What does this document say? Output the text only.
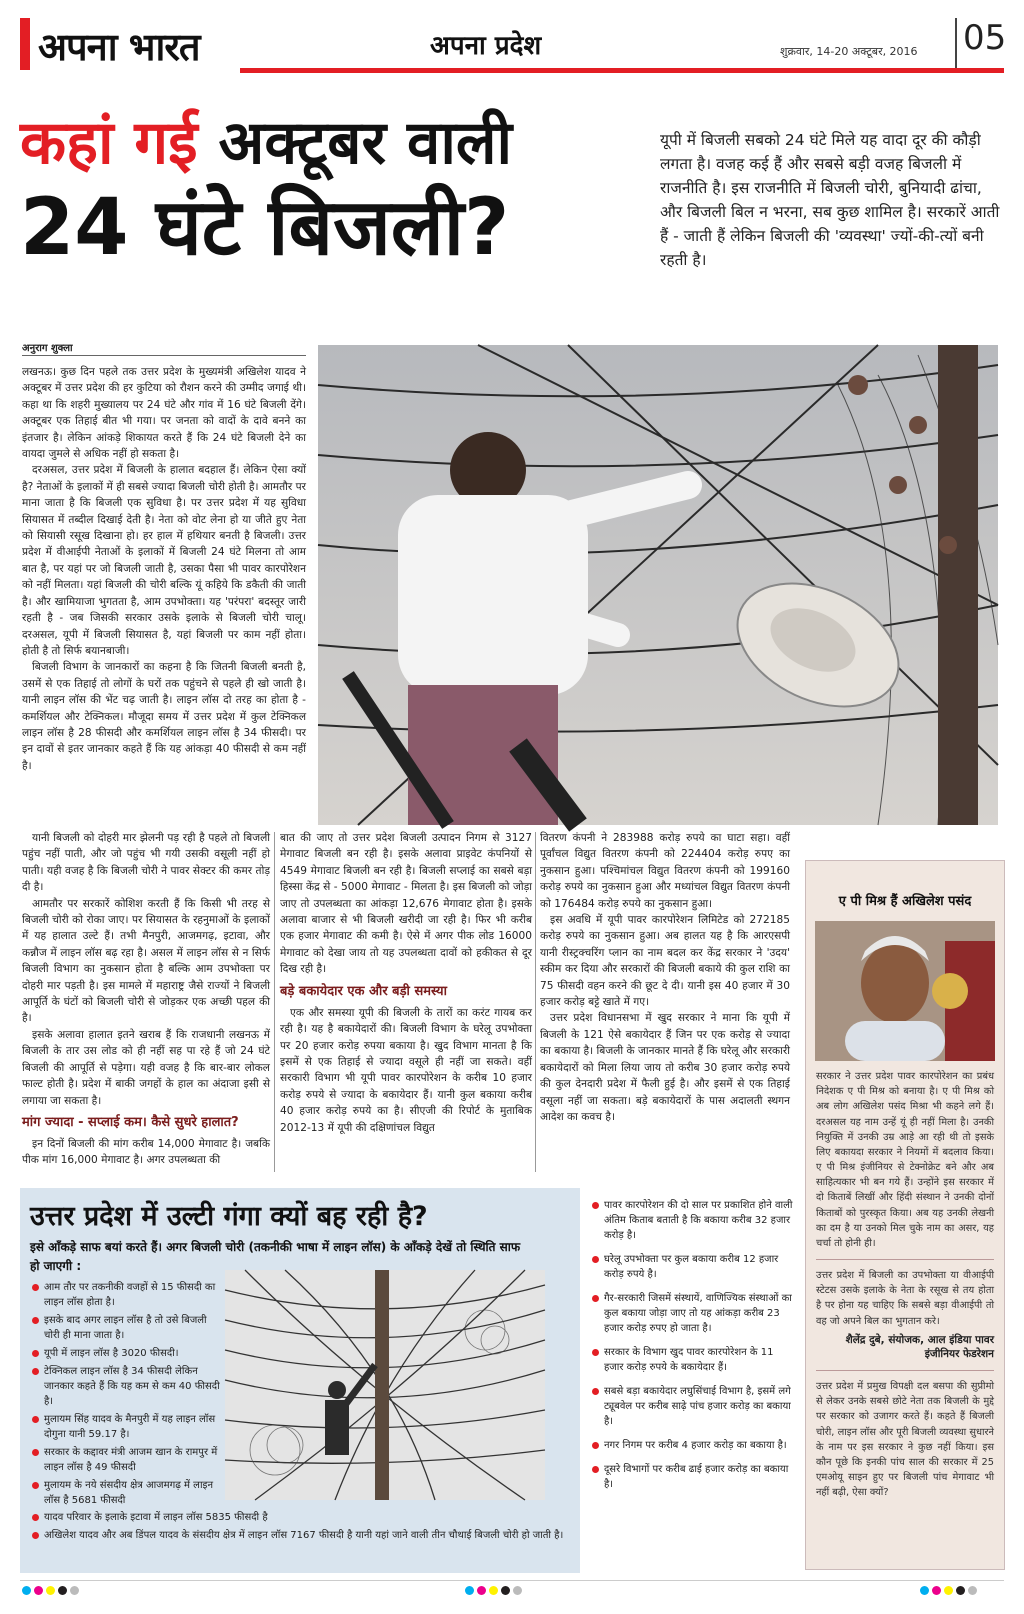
अपना भारत	अपना प्रदेश	शुक्रवार, 14-20 अक्टूबर, 2016 05
कहां गई अक्टूबर वाली
24 घंटे बिजली?
यूपी में बिजली सबको 24 घंटे मिले यह वादा दूर की कौड़ी लगता है। वजह कई हैं और सबसे बड़ी वजह बिजली में राजनीति है। इस राजनीति में बिजली चोरी, बुनियादी ढांचा, और बिजली बिल न भरना, सब कुछ शामिल है। सरकारें आती हैं - जाती हैं लेकिन बिजली की 'व्यवस्था' ज्यों-की-त्यों बनी रहती है।
अनुराग शुक्ला

लखनऊ। कुछ दिन पहले तक उत्तर प्रदेश के मुख्यमंत्री अखिलेश यादव ने अक्टूबर में उत्तर प्रदेश की हर कुटिया को रौशन करने की उम्मीद जगाई थी। कहा था कि शहरी मुख्यालय पर 24 घंटे और गांव में 16 घंटे बिजली देंगे। अक्टूबर एक तिहाई बीत भी गया। पर जनता को वादों के दावे बनने का इंतजार है। लेकिन आंकड़े शिकायत करते हैं कि 24 घंटे बिजली देने का वायदा जुमले से अधिक नहीं हो सकता है।

दरअसल, उत्तर प्रदेश में बिजली के हालात बदहाल हैं। लेकिन ऐसा क्यों है? नेताओं के इलाकों में ही सबसे ज्यादा बिजली चोरी होती है। आमतौर पर माना जाता है कि बिजली एक सुविधा है। पर उत्तर प्रदेश में यह सुविधा सियासत में तब्दील दिखाई देती है। नेता को वोट लेना हो या जीते हुए नेता को सियासी रसूख दिखाना हो। हर हाल में हथियार बनती है बिजली। उत्तर प्रदेश में वीआईपी नेताओं के इलाकों में बिजली 24 घंटे मिलना तो आम बात है, पर यहां पर जो बिजली जाती है, उसका पैसा भी पावर कारपोरेशन को नहीं मिलता। यहां बिजली की चोरी बल्कि यूं कहिये कि डकैती की जाती है। और खामियाजा भुगतता है, आम उपभोक्ता। यह 'परंपरा' बदस्तूर जारी रहती है - जब जिसकी सरकार उसके इलाके से बिजली चोरी चालू। दरअसल, यूपी में बिजली सियासत है, यहां बिजली पर काम नहीं होता। होती है तो सिर्फ बयानबाजी।

बिजली विभाग के जानकारों का कहना है कि जितनी बिजली बनती है, उसमें से एक तिहाई तो लोगों के घरों तक पहुंचने से पहले ही खो जाती है। यानी लाइन लॉस की भेंट चढ़ जाती है। लाइन लॉस दो तरह का होता है - कमर्शियल और टेक्निकल। मौजूदा समय में उत्तर प्रदेश में कुल टेक्निकल लाइन लॉस है 28 फीसदी और कमर्शियल लाइन लॉस है 34 फीसदी। पर इन दावों से इतर जानकार कहते हैं कि यह आंकड़ा 40 फीसदी से कम नहीं है।

यानी बिजली को दोहरी मार झेलनी पड़ रही है पहले तो बिजली पहुंच नहीं पाती, और जो पहुंच भी गयी उसकी वसूली नहीं हो पाती। यही वजह है कि बिजली चोरी ने पावर सेक्टर की कमर तोड़ दी है।

आमतौर पर सरकारें कोशिश करती हैं कि किसी भी तरह से बिजली चोरी को रोका जाए। पर सियासत के रहनुमाओं के इलाकों में यह हालात उल्टे हैं। तभी मैनपुरी, आजमगढ़, इटावा, और कन्नौज में लाइन लॉस बढ़ रहा है। असल में लाइन लॉस से न सिर्फ बिजली विभाग का नुकसान होता है बल्कि आम उपभोक्ता पर दोहरी मार पड़ती है। इस मामले में महाराष्ट्र जैसे राज्यों ने बिजली आपूर्ति के घंटों को बिजली चोरी से जोड़कर एक अच्छी पहल की है।

इसके अलावा हालात इतने खराब हैं कि राजधानी लखनऊ में बिजली के तार उस लोड को ही नहीं सह पा रहे हैं जो 24 घंटे बिजली की आपूर्ति से पड़ेगा। यही वजह है कि बार-बार लोकल फाल्ट होती है। प्रदेश में बाकी जगहों के हाल का अंदाजा इसी से लगाया जा सकता है।

मांग ज्यादा - सप्लाई कम। कैसे सुधरे हालात?

इन दिनों बिजली की मांग करीब 14,000 मेगावाट है। जबकि पीक मांग 16,000 मेगावाट है। अगर उपलब्धता की

बात की जाए तो उत्तर प्रदेश बिजली उत्पादन निगम से 3127 मेगावाट बिजली बन रही है। इसके अलावा प्राइवेट कंपनियों से 4549 मेगावाट बिजली बन रही है। बिजली सप्लाई का सबसे बड़ा हिस्सा केंद्र से - 5000 मेगावाट - मिलता है। इस बिजली को जोड़ा जाए तो उपलब्धता का आंकड़ा 12,676 मेगावाट होता है। इसके अलावा बाजार से भी बिजली खरीदी जा रही है। फिर भी करीब एक हजार मेगावाट की कमी है। ऐसे में अगर पीक लोड 16000 मेगावाट को देखा जाय तो यह उपलब्धता दावों को हकीकत से दूर दिख रही है।

बड़े बकायेदार एक और बड़ी समस्या

एक और समस्या यूपी की बिजली के तारों का करंट गायब कर रही है। यह है बकायेदारों की। बिजली विभाग के घरेलू उपभोक्ता पर 20 हजार करोड़ रुपया बकाया है। खुद विभाग मानता है कि इसमें से एक तिहाई से ज्यादा वसूले ही नहीं जा सकते। वहीं सरकारी विभाग भी यूपी पावर कारपोरेशन के करीब 10 हजार करोड़ रुपये से ज्यादा के बकायेदार हैं। यानी कुल बकाया करीब 40 हजार करोड़ रुपये का है। सीएजी की रिपोर्ट के मुताबिक 2012-13 में यूपी की दक्षिणांचल विद्युत

वितरण कंपनी ने 283988 करोड़ रुपये का घाटा सहा। वहीं पूर्वांचल विद्युत वितरण कंपनी को 224404 करोड़ रुपए का नुकसान हुआ। पश्चिमांचल विद्युत वितरण कंपनी को 199160 करोड़ रुपये का नुकसान हुआ और मध्यांचल विद्युत वितरण कंपनी को 176484 करोड़ रुपये का नुकसान हुआ।

इस अवधि में यूपी पावर कारपोरेशन लिमिटेड को 272185 करोड़ रुपये का नुकसान हुआ। अब हालत यह है कि आरएसपी यानी रीस्ट्रक्चरिंग प्लान का नाम बदल कर केंद्र सरकार ने 'उदय' स्कीम कर दिया और सरकारों की बिजली बकाये की कुल राशि का 75 फीसदी वहन करने की छूट दे दी। यानी इस 40 हजार में 30 हजार करोड़ बट्टे खाते में गए।

उत्तर प्रदेश विधानसभा में खुद सरकार ने माना कि यूपी में बिजली के 121 ऐसे बकायेदार हैं जिन पर एक करोड़ से ज्यादा का बकाया है। बिजली के जानकार मानते हैं कि घरेलू और सरकारी बकायेदारों को मिला लिया जाय तो करीब 30 हजार करोड़ रुपये की कुल देनदारी प्रदेश में फैली हुई है। और इसमें से एक तिहाई वसूला नहीं जा सकता। बड़े बकायेदारों के पास अदालती स्थगन आदेश का कवच है।

ए पी मिश्र हैं अखिलेश पसंद
सरकार ने उत्तर प्रदेश पावर कारपोरेशन का प्रबंध निदेशक ए पी मिश्र को बनाया है। ए पी मिश्र को अब लोग अखिलेश पसंद मिश्रा भी कहने लगे हैं। दरअसल यह नाम उन्हें यूं ही नहीं मिला है। उनकी नियुक्ति में उनकी उम्र आड़े आ रही थी तो इसके लिए बकायदा सरकार ने नियमों में बदलाव किया। ए पी मिश्र इंजीनियर से टेक्नोक्रेट बने और अब साहित्यकार भी बन गये हैं। उन्होंने इस सरकार में दो किताबें लिखीं और हिंदी संस्थान ने उनकी दोनों किताबों को पुरस्कृत किया। अब यह उनकी लेखनी का दम है या उनको मिल चुके नाम का असर, यह चर्चा तो होनी ही।
उत्तर प्रदेश में बिजली का उपभोक्ता या वीआईपी स्टेटस उसके इलाके के नेता के रसूख से तय होता है पर होना यह चाहिए कि सबसे बड़ा वीआईपी तो वह जो अपने बिल का भुगतान करे।
शैलेंद्र दुबे, संयोजक, आल इंडिया पावर इंजीनियर फेडरेशन
उत्तर प्रदेश में प्रमुख विपक्षी दल बसपा की सुप्रीमो से लेकर उनके सबसे छोटे नेता तक बिजली के मुद्दे पर सरकार को उजागर करते हैं। कहते हैं बिजली चोरी, लाइन लॉस और पूरी बिजली व्यवस्था सुधारने के नाम पर इस सरकार ने कुछ नहीं किया। इस कौन पूछे कि इनकी पांच साल की सरकार में 25 एमओयू साइन हुए पर बिजली पांच मेगावाट भी नहीं बढ़ी, ऐसा क्यों?
उत्तर प्रदेश में उल्टी गंगा क्यों बह रही है?
इसे आँकड़े साफ बयां करते हैं। अगर बिजली चोरी (तकनीकी भाषा में लाइन लॉस) के आँकड़े देखें तो स्थिति साफ हो जाएगी :
आम तौर पर तकनीकी वजहों से 15 फीसदी का लाइन लॉस होता है।
इसके बाद अगर लाइन लॉस है तो उसे बिजली चोरी ही माना जाता है।
यूपी में लाइन लॉस है 3020 फीसदी।
टेक्निकल लाइन लॉस है 34 फीसदी लेकिन जानकार कहते हैं कि यह कम से कम 40 फीसदी है।
मुलायम सिंह यादव के मैनपुरी में यह लाइन लॉस दोगुना यानी 59.17 है।
सरकार के कद्दावर मंत्री आजम खान के रामपुर में लाइन लॉस है 49 फीसदी
मुलायम के नये संसदीय क्षेत्र आजमगढ़ में लाइन लॉस है 5681 फीसदी
यादव परिवार के इलाके इटावा में लाइन लॉस 5835 फीसदी है
अखिलेश यादव और अब डिंपल यादव के संसदीय क्षेत्र में लाइन लॉस 7167 फीसदी है यानी यहां जाने वाली तीन चौथाई बिजली चोरी हो जाती है।
पावर कारपोरेशन की दो साल पर प्रकाशित होने वाली अंतिम किताब बताती है कि बकाया करीब 32 हजार करोड़ है।
घरेलू उपभोक्ता पर कुल बकाया करीब 12 हजार करोड़ रुपये है।
गैर-सरकारी जिसमें संस्थायें, वाणिज्यिक संस्थाओं का कुल बकाया जोड़ा जाए तो यह आंकड़ा करीब 23 हजार करोड़ रुपए हो जाता है।
सरकार के विभाग खुद पावर कारपोरेशन के 11 हजार करोड़ रुपये के बकायेदार हैं।
सबसे बड़ा बकायेदार लघुसिंचाई विभाग है, इसमें लगे ट्यूबवेल पर करीब साढ़े पांच हजार करोड़ का बकाया है।
नगर निगम पर करीब 4 हजार करोड़ का बकाया है।
दूसरे विभागों पर करीब ढाई हजार करोड़ का बकाया है।
